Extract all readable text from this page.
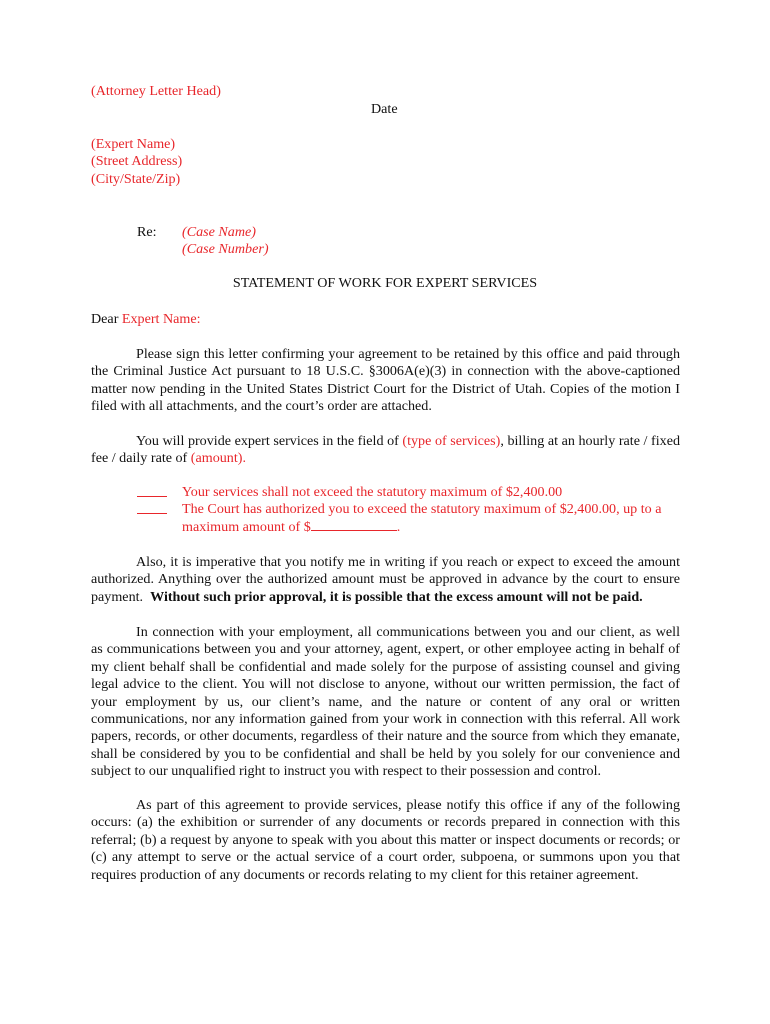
(Attorney Letter Head)
Date
(Expert Name)
(Street Address)
(City/State/Zip)
Re: (Case Name)
(Case Number)
STATEMENT OF WORK FOR EXPERT SERVICES
Dear Expert Name:
Please sign this letter confirming your agreement to be retained by this office and paid through the Criminal Justice Act pursuant to 18 U.S.C. §3006A(e)(3) in connection with the above-captioned matter now pending in the United States District Court for the District of Utah. Copies of the motion I filed with all attachments, and the court’s order are attached.
You will provide expert services in the field of (type of services), billing at an hourly rate / fixed fee / daily rate of (amount).
Your services shall not exceed the statutory maximum of $2,400.00
The Court has authorized you to exceed the statutory maximum of $2,400.00, up to a maximum amount of $	.
Also, it is imperative that you notify me in writing if you reach or expect to exceed the amount authorized. Anything over the authorized amount must be approved in advance by the court to ensure payment. Without such prior approval, it is possible that the excess amount will not be paid.
In connection with your employment, all communications between you and our client, as well as communications between you and your attorney, agent, expert, or other employee acting in behalf of my client behalf shall be confidential and made solely for the purpose of assisting counsel and giving legal advice to the client. You will not disclose to anyone, without our written permission, the fact of your employment by us, our client’s name, and the nature or content of any oral or written communications, nor any information gained from your work in connection with this referral. All work papers, records, or other documents, regardless of their nature and the source from which they emanate, shall be considered by you to be confidential and shall be held by you solely for our convenience and subject to our unqualified right to instruct you with respect to their possession and control.
As part of this agreement to provide services, please notify this office if any of the following occurs: (a) the exhibition or surrender of any documents or records prepared in connection with this referral; (b) a request by anyone to speak with you about this matter or inspect documents or records; or (c) any attempt to serve or the actual service of a court order, subpoena, or summons upon you that requires production of any documents or records relating to my client for this retainer agreement.
